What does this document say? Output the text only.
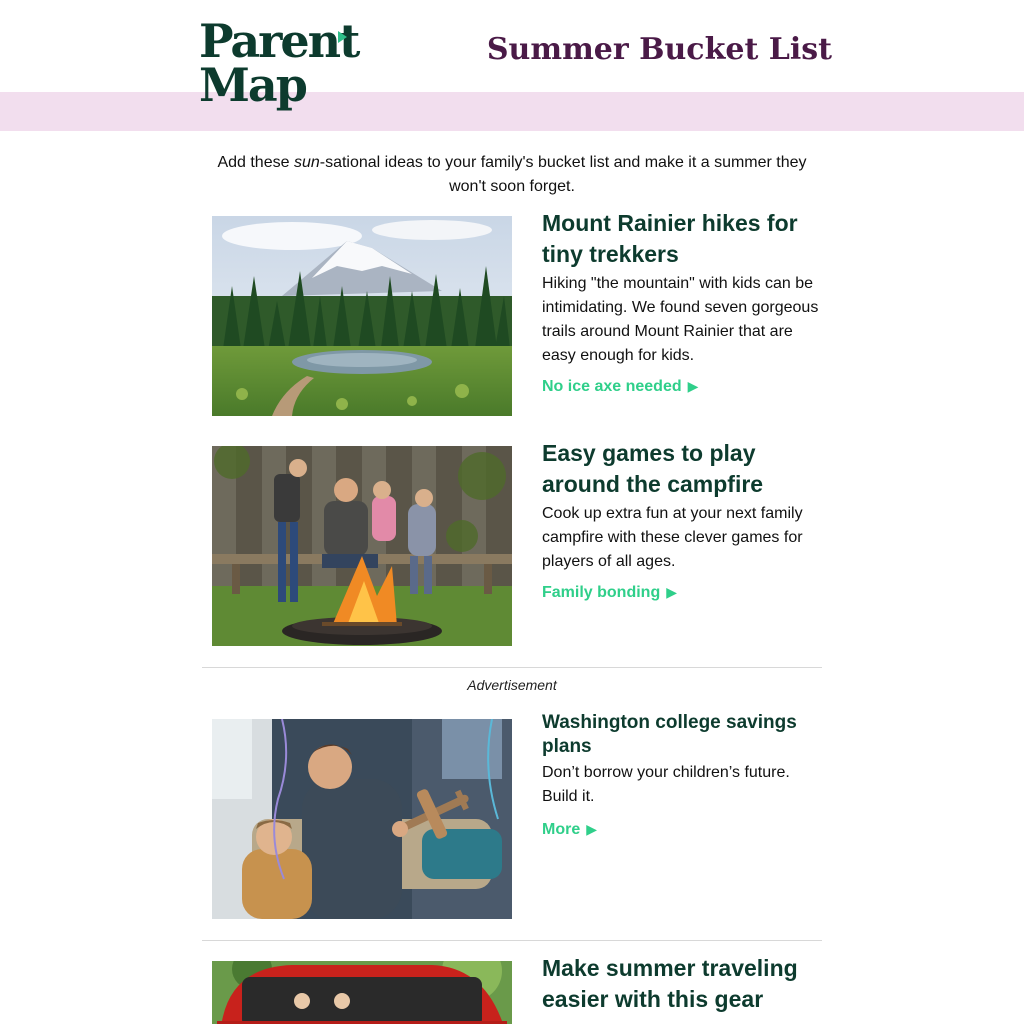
Parent
Map
Summer Bucket List

Add these sun-sational ideas to your family's bucket list and make it a summer they won't soon forget.

Mount Rainier hikes for tiny trekkers

Hiking "the mountain" with kids can be intimidating. We found seven gorgeous trails around Mount Rainier that are easy enough for kids.

No ice axe needed ▶
Easy games to play around the campfire

Cook up extra fun at your next family campfire with these clever games for players of all ages.

Family bonding ▶
Advertisement
Washington college savings plans

Don’t borrow your children’s future. Build it.

More ▶
Make summer traveling easier with this gear
